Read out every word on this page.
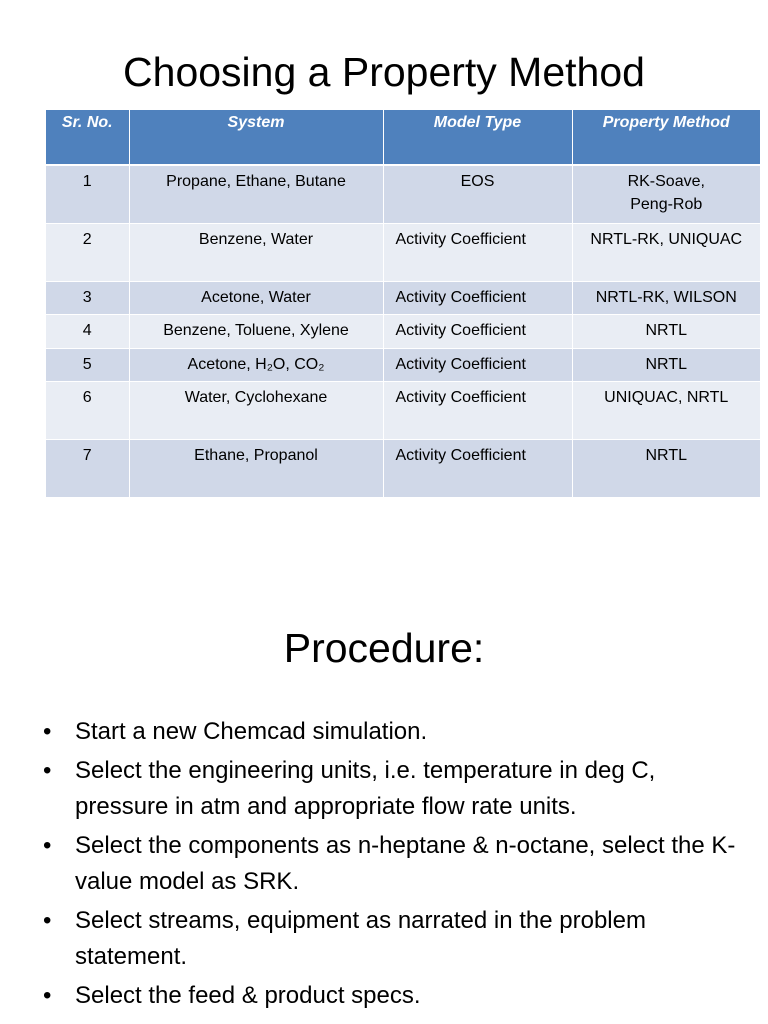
Choosing a Property Method
Sr. No.	System	Model Type	Property Method
1	Propane, Ethane, Butane	EOS	RK-Soave,
Peng-Rob

2	Benzene, Water	Activity Coefficient	NRTL-RK, UNIQUAC
3	Acetone, Water	Activity Coefficient	NRTL-RK, WILSON
4	Benzene, Toluene, Xylene	Activity Coefficient	NRTL
5	Acetone, H₂O, CO₂	Activity Coefficient	NRTL
6	Water, Cyclohexane	Activity Coefficient	UNIQUAC, NRTL
7	Ethane, Propanol	Activity Coefficient	NRTL
Procedure:
• Start a new Chemcad simulation.
• Select the engineering units, i.e. temperature in deg C, pressure in atm and appropriate flow rate units.
• Select the components as n-heptane & n-octane, select the K-value model as SRK.
• Select streams, equipment as narrated in the problem statement.
• Select the feed & product specs.
